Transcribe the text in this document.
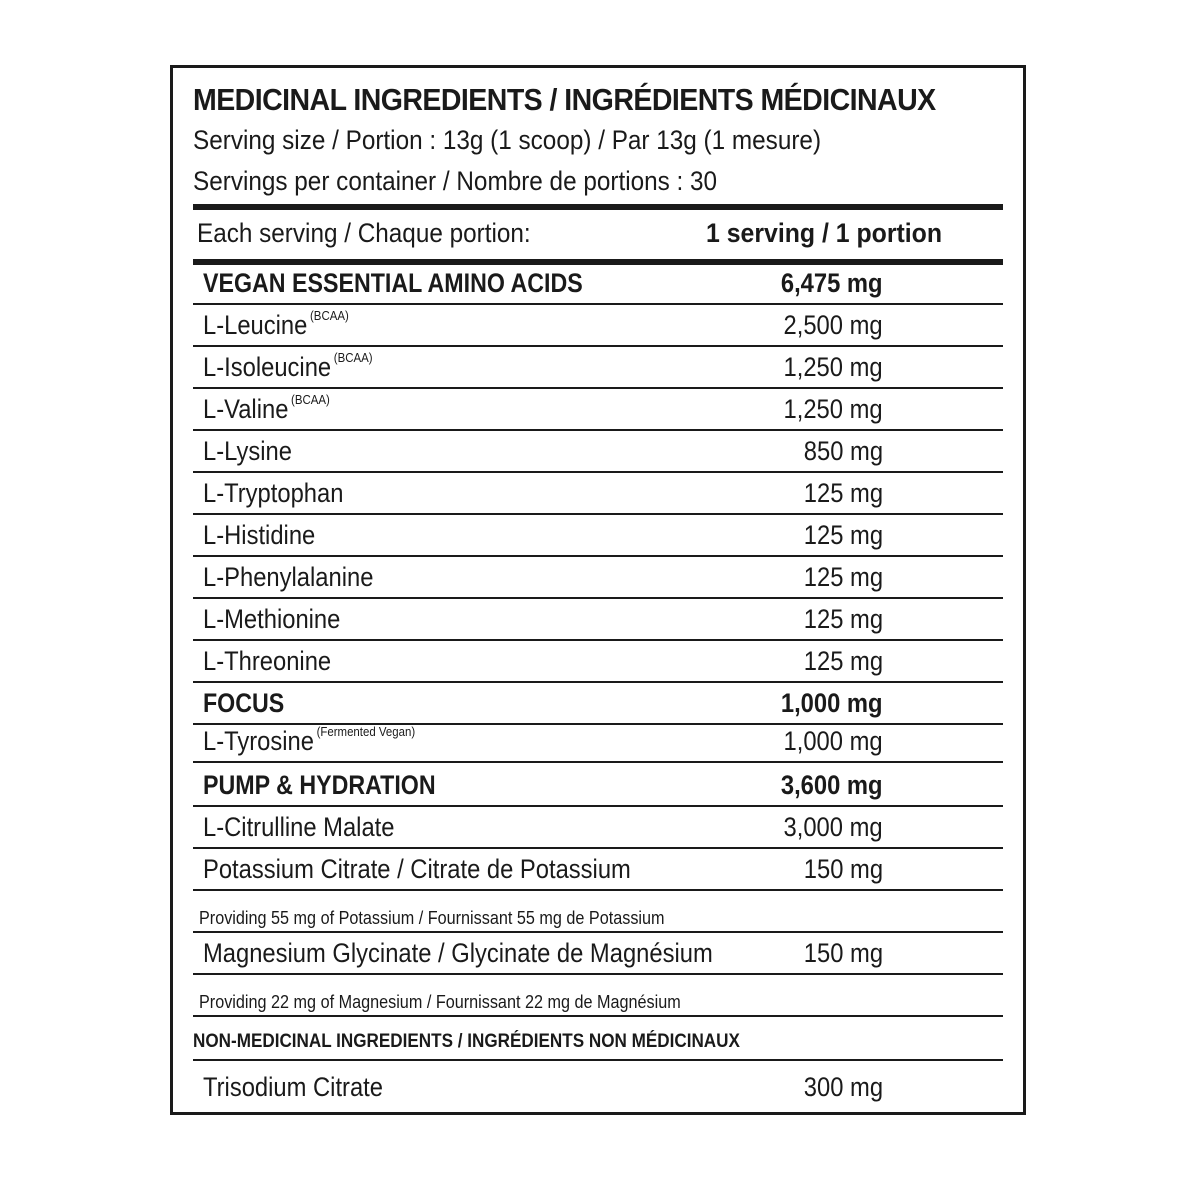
MEDICINAL INGREDIENTS / INGRÉDIENTS MÉDICINAUX
Serving size / Portion : 13g (1 scoop) / Par 13g (1 mesure)
Servings per container / Nombre de portions : 30
Each serving / Chaque portion:	1 serving / 1 portion
VEGAN ESSENTIAL AMINO ACIDS	6,475 mg
L-Leucine $^{(BCAA)}$	2,500 mg
L-Isoleucine $^{(BCAA)}$	1,250 mg
L-Valine $^{(BCAA)}$	1,250 mg
L-Lysine	850 mg
L-Tryptophan	125 mg
L-Histidine	125 mg
L-Phenylalanine	125 mg
L-Methionine	125 mg
L-Threonine	125 mg
FOCUS	1,000 mg
L-Tyrosine $^{(Fermented Vegan)}$	1,000 mg
PUMP & HYDRATION	3,600 mg
L-Citrulline Malate	3,000 mg
Potassium Citrate / Citrate de Potassium	150 mg
Providing 55 mg of Potassium / Fournissant 55 mg de Potassium
Magnesium Glycinate / Glycinate de Magnésium	150 mg
Providing 22 mg of Magnesium / Fournissant 22 mg de Magnésium
NON-MEDICINAL INGREDIENTS / INGRÉDIENTS NON MÉDICINAUX
Trisodium Citrate	300 mg
